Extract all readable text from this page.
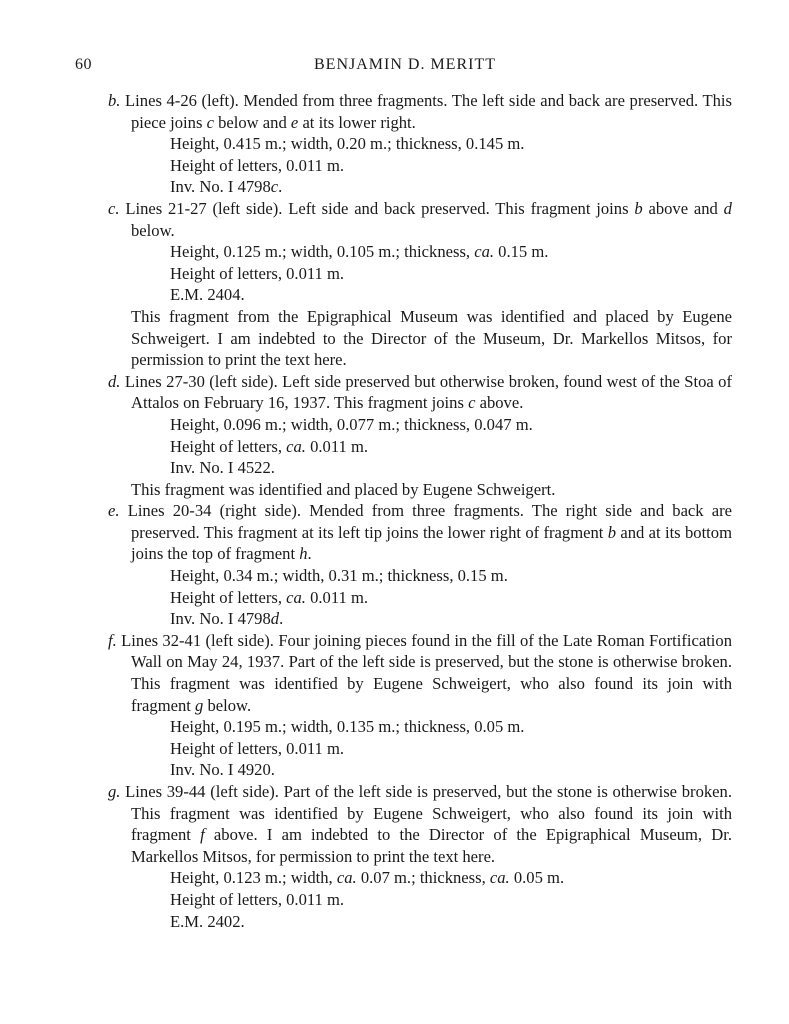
60	BENJAMIN D. MERITT
b. Lines 4-26 (left). Mended from three fragments. The left side and back are preserved. This piece joins c below and e at its lower right.
Height, 0.415 m.; width, 0.20 m.; thickness, 0.145 m.
Height of letters, 0.011 m.
Inv. No. I 4798c.
c. Lines 21-27 (left side). Left side and back preserved. This fragment joins b above and d below.
Height, 0.125 m.; width, 0.105 m.; thickness, ca. 0.15 m.
Height of letters, 0.011 m.
E.M. 2404.
This fragment from the Epigraphical Museum was identified and placed by Eugene Schweigert. I am indebted to the Director of the Museum, Dr. Markellos Mitsos, for permission to print the text here.
d. Lines 27-30 (left side). Left side preserved but otherwise broken, found west of the Stoa of Attalos on February 16, 1937. This fragment joins c above.
Height, 0.096 m.; width, 0.077 m.; thickness, 0.047 m.
Height of letters, ca. 0.011 m.
Inv. No. I 4522.
This fragment was identified and placed by Eugene Schweigert.
e. Lines 20-34 (right side). Mended from three fragments. The right side and back are preserved. This fragment at its left tip joins the lower right of fragment b and at its bottom joins the top of fragment h.
Height, 0.34 m.; width, 0.31 m.; thickness, 0.15 m.
Height of letters, ca. 0.011 m.
Inv. No. I 4798d.
f. Lines 32-41 (left side). Four joining pieces found in the fill of the Late Roman Fortification Wall on May 24, 1937. Part of the left side is preserved, but the stone is otherwise broken. This fragment was identified by Eugene Schweigert, who also found its join with fragment g below.
Height, 0.195 m.; width, 0.135 m.; thickness, 0.05 m.
Height of letters, 0.011 m.
Inv. No. I 4920.
g. Lines 39-44 (left side). Part of the left side is preserved, but the stone is otherwise broken. This fragment was identified by Eugene Schweigert, who also found its join with fragment f above. I am indebted to the Director of the Epigraphical Museum, Dr. Markellos Mitsos, for permission to print the text here.
Height, 0.123 m.; width, ca. 0.07 m.; thickness, ca. 0.05 m.
Height of letters, 0.011 m.
E.M. 2402.
